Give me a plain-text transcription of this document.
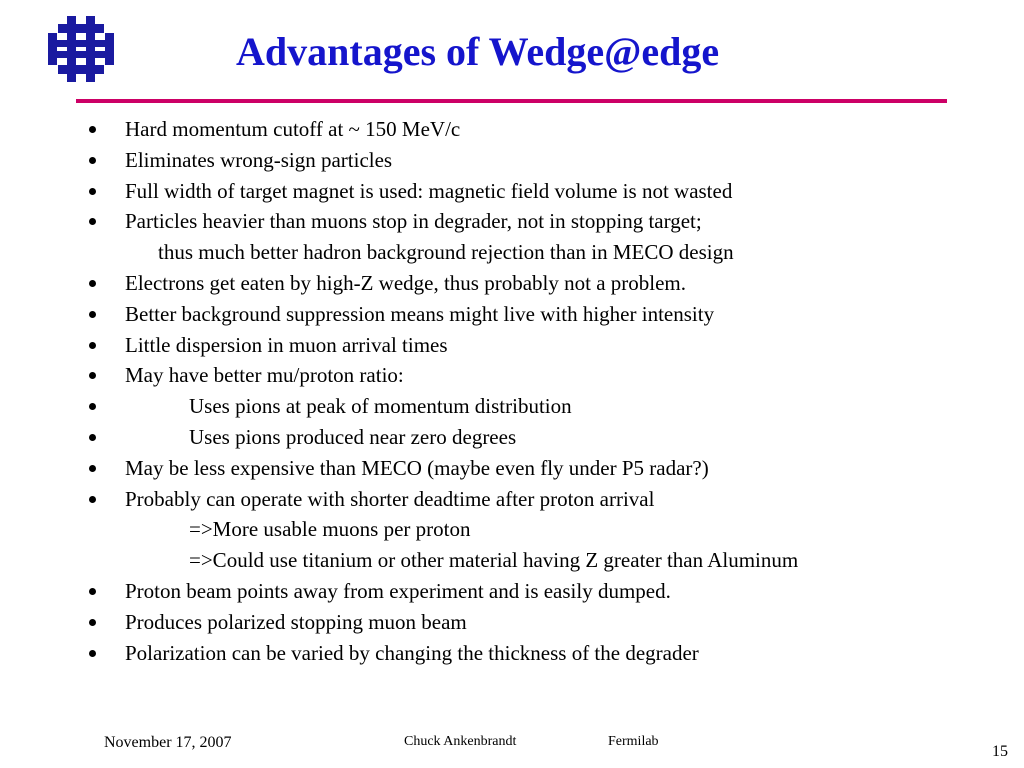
Advantages of Wedge@edge
Hard momentum cutoff at ~ 150 MeV/c
Eliminates wrong-sign particles
Full width of target magnet is used: magnetic field volume is not wasted
Particles heavier than muons stop in degrader, not in stopping target;
thus much better hadron background rejection than in MECO design
Electrons get eaten by high-Z wedge, thus probably not a problem.
Better background suppression means might live with higher intensity
Little dispersion in muon arrival times
May have better mu/proton ratio:
Uses pions at peak of momentum distribution
Uses pions produced near zero degrees
May be less expensive than MECO (maybe even fly under P5 radar?)
Probably can operate with shorter deadtime after proton arrival
=>More usable muons per proton
=>Could use titanium or other material having Z greater than Aluminum
Proton beam points away from experiment and is easily dumped.
Produces polarized stopping muon beam
Polarization can be varied by changing the thickness of the degrader
November 17, 2007	Chuck Ankenbrandt	Fermilab
15
